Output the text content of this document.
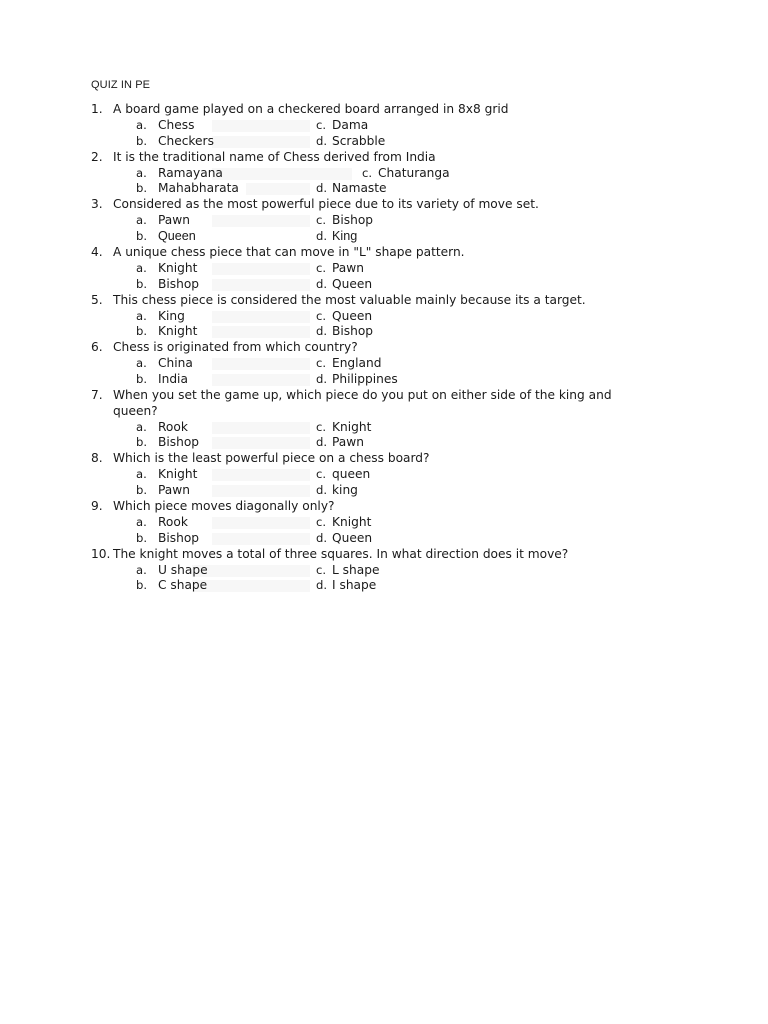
QUIZ IN PE
1. A board game played on a checkered board arranged in 8x8 grid
a. Chess	c. Dama
b. Checkers	d. Scrabble
2. It is the traditional name of Chess derived from India
a. Ramayana	c. Chaturanga
b. Mahabharata	d. Namaste
3. Considered as the most powerful piece due to its variety of move set.
a. Pawn	c. Bishop
b. Queen	d. King
4. A unique chess piece that can move in "L" shape pattern.
a. Knight	c. Pawn
b. Bishop	d. Queen
5. This chess piece is considered the most valuable mainly because its a target.
a. King	c. Queen
b. Knight	d. Bishop
6. Chess is originated from which country?
a. China	c. England
b. India	d. Philippines
7. When you set the game up, which piece do you put on either side of the king and queen?
a. Rook	c. Knight
b. Bishop	d. Pawn
8. Which is the least powerful piece on a chess board?
a. Knight	c. queen
b. Pawn	d. king
9. Which piece moves diagonally only?
a. Rook	c. Knight
b. Bishop	d. Queen
10. The knight moves a total of three squares. In what direction does it move?
a. U shape	c. L shape
b. C shape	d. I shape
